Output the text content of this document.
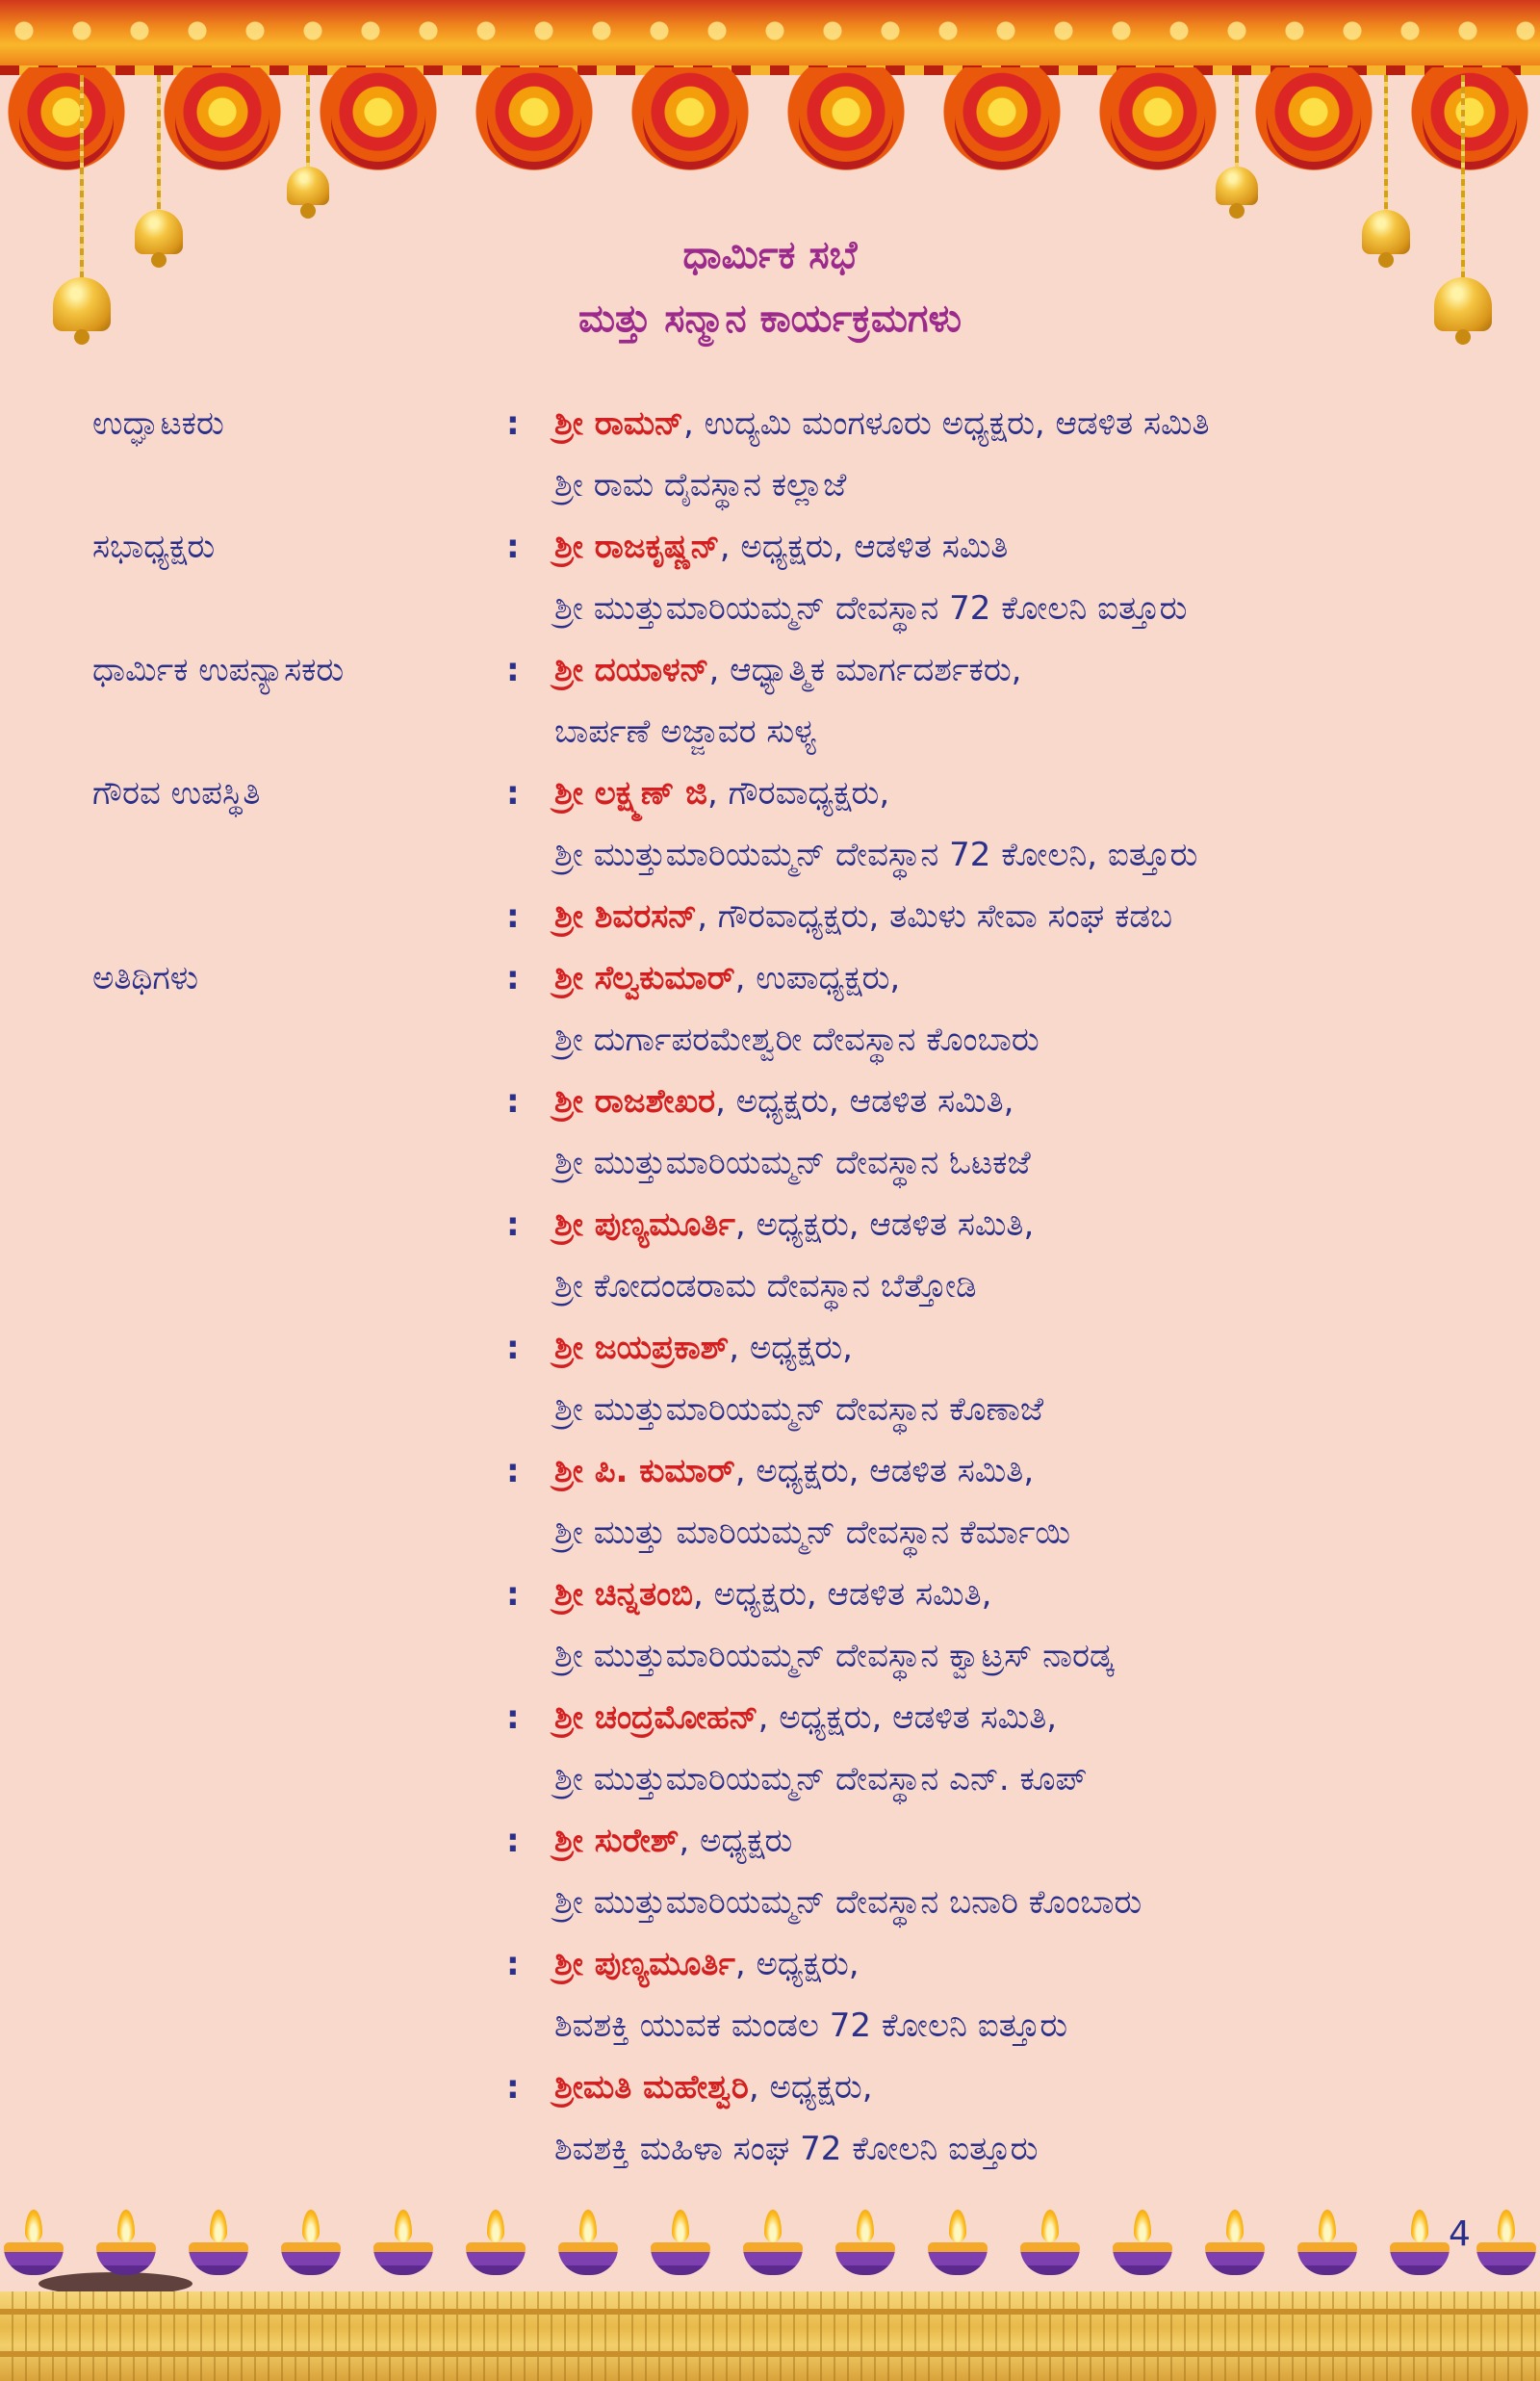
ಧಾರ್ಮಿಕ ಸಭೆ
ಮತ್ತು ಸನ್ಮಾನ ಕಾರ್ಯಕ್ರಮಗಳು
ಉದ್ಘಾಟಕರು	:	ಶ್ರೀ ರಾಮನ್, ಉದ್ಯಮಿ ಮಂಗಳೂರು ಅಧ್ಯಕ್ಷರು, ಆಡಳಿತ ಸಮಿತಿ
ಶ್ರೀ ರಾಮ ದೈವಸ್ಥಾನ ಕಲ್ಲಾಜೆ
ಸಭಾಧ್ಯಕ್ಷರು	:	ಶ್ರೀ ರಾಜಕೃಷ್ಣನ್, ಅಧ್ಯಕ್ಷರು, ಆಡಳಿತ ಸಮಿತಿ
ಶ್ರೀ ಮುತ್ತುಮಾರಿಯಮ್ಮನ್ ದೇವಸ್ಥಾನ 72 ಕೋಲನಿ ಐತ್ತೂರು
ಧಾರ್ಮಿಕ ಉಪನ್ಯಾಸಕರು	:	ಶ್ರೀ ದಯಾಳನ್, ಆಧ್ಯಾತ್ಮಿಕ ಮಾರ್ಗದರ್ಶಕರು,
ಬಾರ್ಪಣೆ ಅಜ್ಜಾವರ ಸುಳ್ಯ
ಗೌರವ ಉಪಸ್ಥಿತಿ	:	ಶ್ರೀ ಲಕ್ಷ್ಮಣ್ ಜಿ, ಗೌರವಾಧ್ಯಕ್ಷರು,
ಶ್ರೀ ಮುತ್ತುಮಾರಿಯಮ್ಮನ್ ದೇವಸ್ಥಾನ 72 ಕೋಲನಿ, ಐತ್ತೂರು
:	ಶ್ರೀ ಶಿವರಸನ್, ಗೌರವಾಧ್ಯಕ್ಷರು, ತಮಿಳು ಸೇವಾ ಸಂಘ ಕಡಬ
ಅತಿಥಿಗಳು	:	ಶ್ರೀ ಸೆಲ್ವಕುಮಾರ್, ಉಪಾಧ್ಯಕ್ಷರು,
ಶ್ರೀ ದುರ್ಗಾಪರಮೇಶ್ವರೀ ದೇವಸ್ಥಾನ ಕೊಂಬಾರು
:	ಶ್ರೀ ರಾಜಶೇಖರ, ಅಧ್ಯಕ್ಷರು, ಆಡಳಿತ ಸಮಿತಿ,
ಶ್ರೀ ಮುತ್ತುಮಾರಿಯಮ್ಮನ್ ದೇವಸ್ಥಾನ ಓಟಕಜೆ
:	ಶ್ರೀ ಪುಣ್ಯಮೂರ್ತಿ, ಅಧ್ಯಕ್ಷರು, ಆಡಳಿತ ಸಮಿತಿ,
ಶ್ರೀ ಕೋದಂಡರಾಮ ದೇವಸ್ಥಾನ ಬೆತ್ತೋಡಿ
:	ಶ್ರೀ ಜಯಪ್ರಕಾಶ್, ಅಧ್ಯಕ್ಷರು,
ಶ್ರೀ ಮುತ್ತುಮಾರಿಯಮ್ಮನ್ ದೇವಸ್ಥಾನ ಕೊಣಾಜೆ
:	ಶ್ರೀ ಪಿ. ಕುಮಾರ್, ಅಧ್ಯಕ್ಷರು, ಆಡಳಿತ ಸಮಿತಿ,
ಶ್ರೀ ಮುತ್ತು ಮಾರಿಯಮ್ಮನ್ ದೇವಸ್ಥಾನ ಕೆರ್ಮಾಯಿ
:	ಶ್ರೀ ಚಿನ್ನತಂಬಿ, ಅಧ್ಯಕ್ಷರು, ಆಡಳಿತ ಸಮಿತಿ,
ಶ್ರೀ ಮುತ್ತುಮಾರಿಯಮ್ಮನ್ ದೇವಸ್ಥಾನ ಕ್ವಾಟ್ರಸ್ ನಾರಡ್ಕ
:	ಶ್ರೀ ಚಂದ್ರಮೋಹನ್, ಅಧ್ಯಕ್ಷರು, ಆಡಳಿತ ಸಮಿತಿ,
ಶ್ರೀ ಮುತ್ತುಮಾರಿಯಮ್ಮನ್ ದೇವಸ್ಥಾನ ಎನ್. ಕೂಪ್
:	ಶ್ರೀ ಸುರೇಶ್, ಅಧ್ಯಕ್ಷರು
ಶ್ರೀ ಮುತ್ತುಮಾರಿಯಮ್ಮನ್ ದೇವಸ್ಥಾನ ಬನಾರಿ ಕೊಂಬಾರು
:	ಶ್ರೀ ಪುಣ್ಯಮೂರ್ತಿ, ಅಧ್ಯಕ್ಷರು,
ಶಿವಶಕ್ತಿ ಯುವಕ ಮಂಡಲ 72 ಕೋಲನಿ ಐತ್ತೂರು
:	ಶ್ರೀಮತಿ ಮಹೇಶ್ವರಿ, ಅಧ್ಯಕ್ಷರು,
ಶಿವಶಕ್ತಿ ಮಹಿಳಾ ಸಂಘ 72 ಕೋಲನಿ ಐತ್ತೂರು
4
